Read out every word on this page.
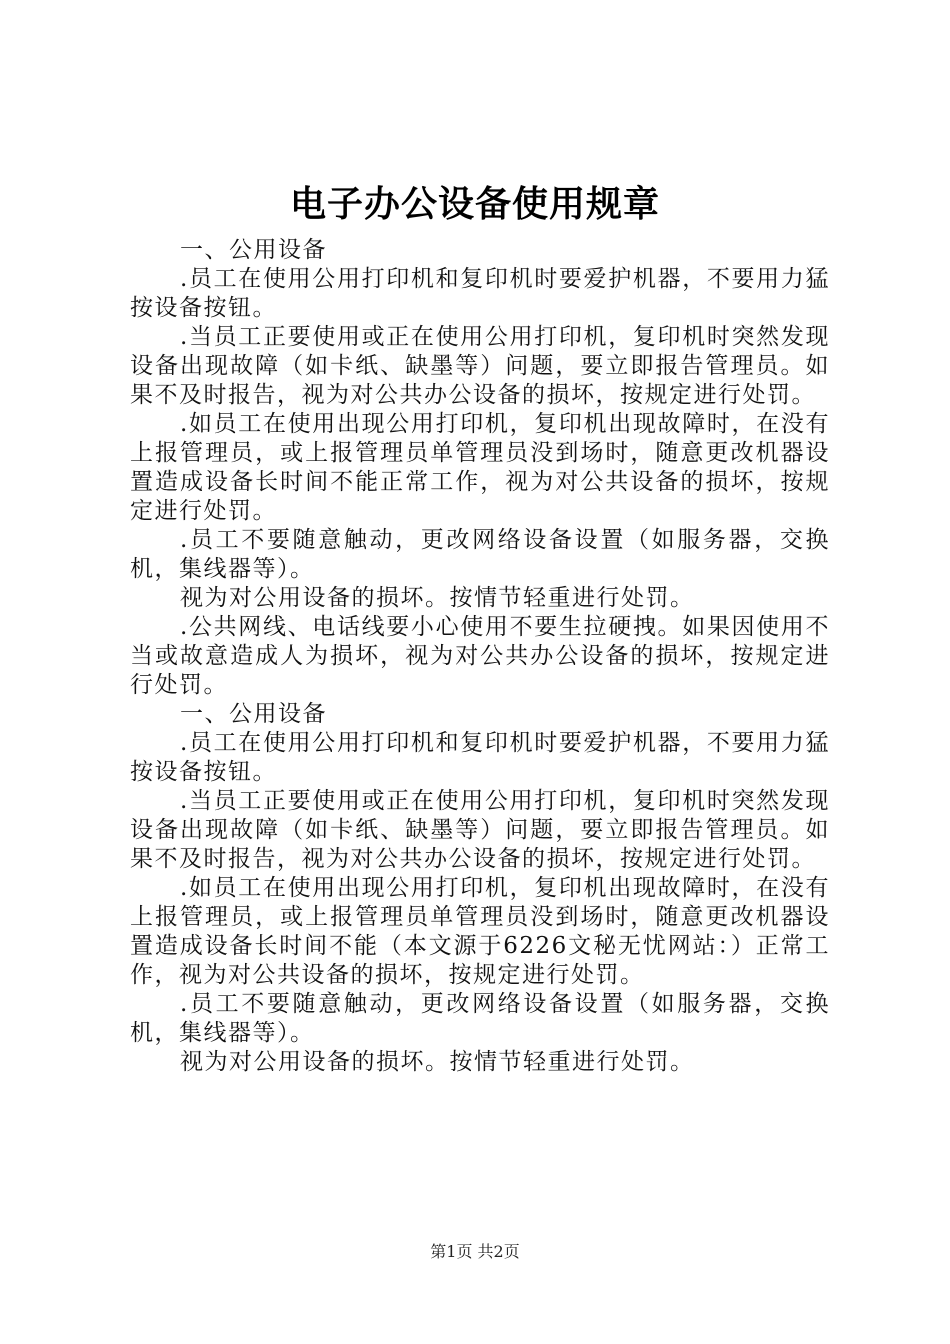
电子办公设备使用规章

一、公用设备

.员工在使用公用打印机和复印机时要爱护机器，不要用力猛按设备按钮。

.当员工正要使用或正在使用公用打印机，复印机时突然发现设备出现故障（如卡纸、缺墨等）问题，要立即报告管理员。如果不及时报告，视为对公共办公设备的损坏，按规定进行处罚。

.如员工在使用出现公用打印机，复印机出现故障时，在没有上报管理员，或上报管理员单管理员没到场时，随意更改机器设置造成设备长时间不能正常工作，视为对公共设备的损坏，按规定进行处罚。

.员工不要随意触动，更改网络设备设置（如服务器，交换机，集线器等）。

视为对公用设备的损坏。按情节轻重进行处罚。

.公共网线、电话线要小心使用不要生拉硬拽。如果因使用不当或故意造成人为损坏，视为对公共办公设备的损坏，按规定进行处罚。

一、公用设备

.员工在使用公用打印机和复印机时要爱护机器，不要用力猛按设备按钮。

.当员工正要使用或正在使用公用打印机，复印机时突然发现设备出现故障（如卡纸、缺墨等）问题，要立即报告管理员。如果不及时报告，视为对公共办公设备的损坏，按规定进行处罚。

.如员工在使用出现公用打印机，复印机出现故障时，在没有上报管理员，或上报管理员单管理员没到场时，随意更改机器设置造成设备长时间不能（本文源于6226文秘无忧网站：）正常工作，视为对公共设备的损坏，按规定进行处罚。

.员工不要随意触动，更改网络设备设置（如服务器，交换机，集线器等）。

视为对公用设备的损坏。按情节轻重进行处罚。

第1页 共2页
